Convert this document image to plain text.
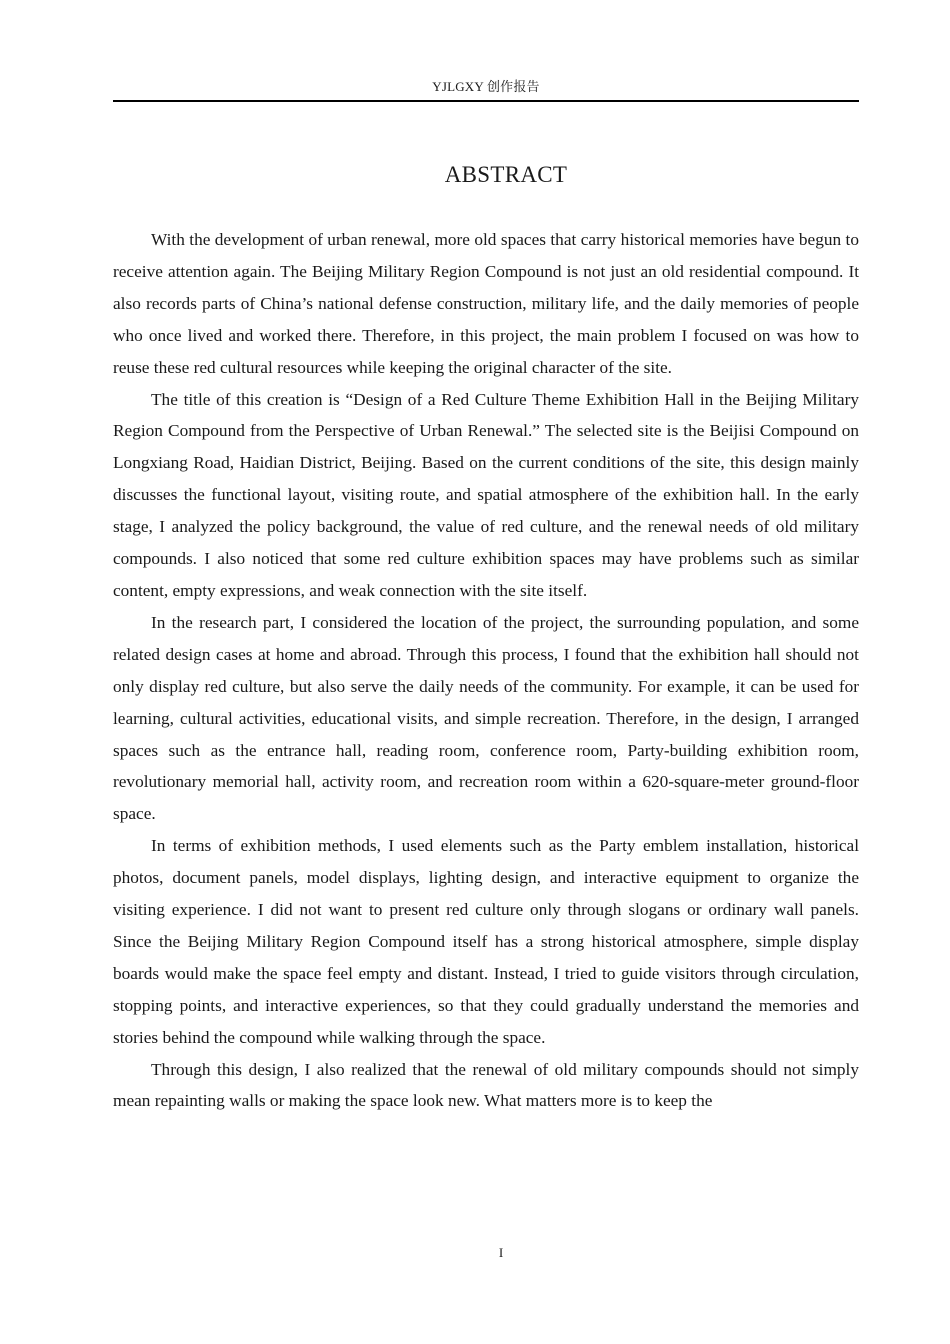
YJLGXY 创作报告
ABSTRACT

With the development of urban renewal, more old spaces that carry historical memories have begun to receive attention again. The Beijing Military Region Compound is not just an old residential compound. It also records parts of China’s national defense construction, military life, and the daily memories of people who once lived and worked there. Therefore, in this project, the main problem I focused on was how to reuse these red cultural resources while keeping the original character of the site.

The title of this creation is “Design of a Red Culture Theme Exhibition Hall in the Beijing Military Region Compound from the Perspective of Urban Renewal.” The selected site is the Beijisi Compound on Longxiang Road, Haidian District, Beijing. Based on the current conditions of the site, this design mainly discusses the functional layout, visiting route, and spatial atmosphere of the exhibition hall. In the early stage, I analyzed the policy background, the value of red culture, and the renewal needs of old military compounds. I also noticed that some red culture exhibition spaces may have problems such as similar content, empty expressions, and weak connection with the site itself.

In the research part, I considered the location of the project, the surrounding population, and some related design cases at home and abroad. Through this process, I found that the exhibition hall should not only display red culture, but also serve the daily needs of the community. For example, it can be used for learning, cultural activities, educational visits, and simple recreation. Therefore, in the design, I arranged spaces such as the entrance hall, reading room, conference room, Party-building exhibition room, revolutionary memorial hall, activity room, and recreation room within a 620-square-meter ground-floor space.

In terms of exhibition methods, I used elements such as the Party emblem installation, historical photos, document panels, model displays, lighting design, and interactive equipment to organize the visiting experience. I did not want to present red culture only through slogans or ordinary wall panels. Since the Beijing Military Region Compound itself has a strong historical atmosphere, simple display boards would make the space feel empty and distant. Instead, I tried to guide visitors through circulation, stopping points, and interactive experiences, so that they could gradually understand the memories and stories behind the compound while walking through the space.

Through this design, I also realized that the renewal of old military compounds should not simply mean repainting walls or making the space look new. What matters more is to keep the

I
